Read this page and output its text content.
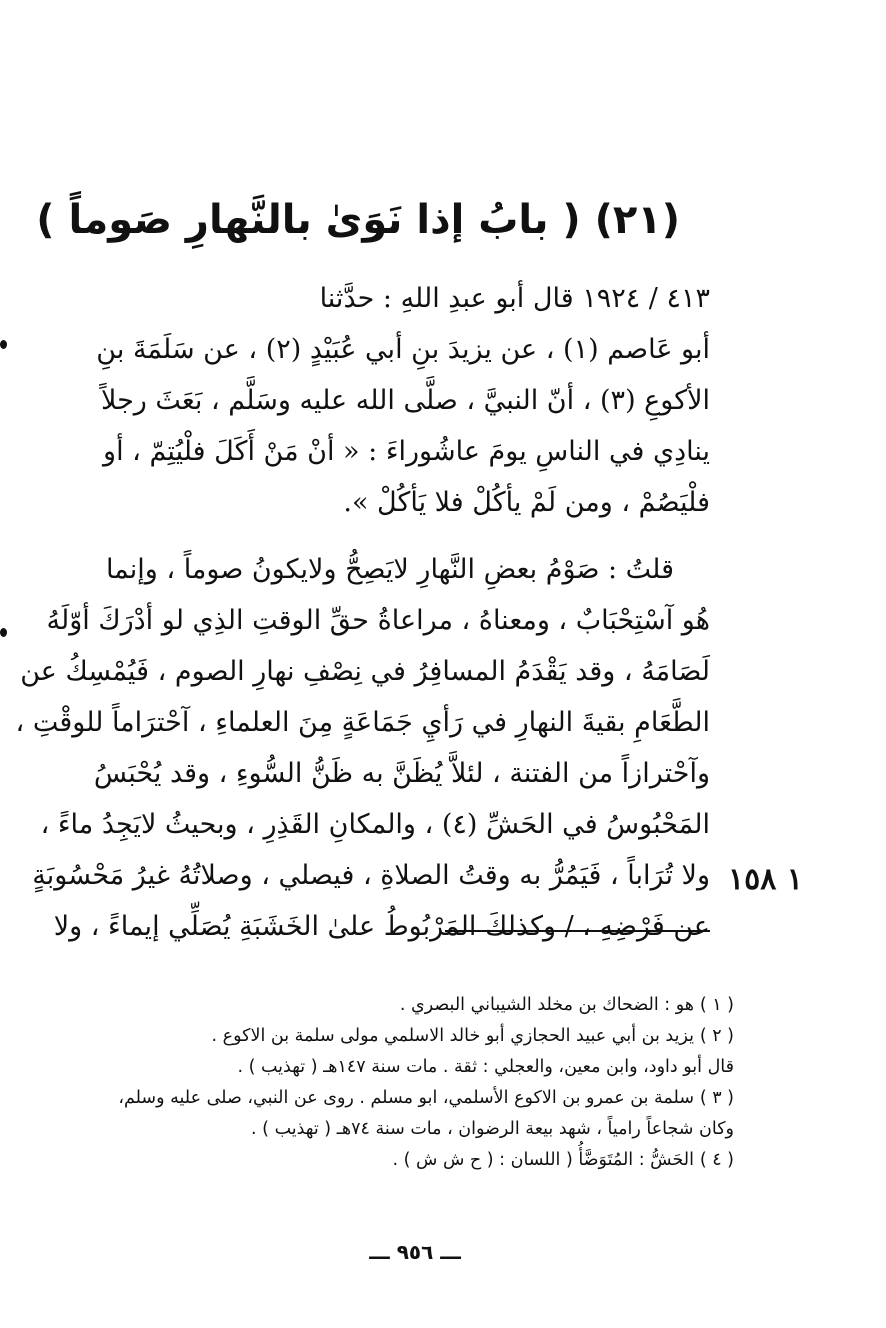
(٢١) ( بابُ إذا نَوَىٰ بالنَّهارِ صَوماً )

٤١٣ / ١٩٢٤ قال أبو عبدِ اللهِ : حدَّثنا

أبو عَاصم (١) ، عن يزيدَ بنِ أبي عُبَيْدٍ (٢) ، عن سَلَمَةَ بنِ

الأكوعِ (٣) ، أنّ النبيَّ ، صلَّى الله عليه وسَلَّم ، بَعَثَ رجلاً

ينادِي في الناسِ يومَ عاشُوراءَ : « أنْ مَنْ أَكَلَ فلْيُتِمّ ، أو

فلْيَصُمْ ، ومن لَمْ يأكُلْ فلا يَأكُلْ ».

قلتُ : صَوْمُ بعضِ النَّهارِ لايَصِحُّ ولايكونُ صوماً ، وإنما

هُو آسْتِحْبَابٌ ، ومعناهُ ، مراعاةُ حقِّ الوقتِ الذِي لو أدْرَكَ أوّلَهُ

لَصَامَهُ ، وقد يَقْدَمُ المسافِرُ في نِصْفِ نهارِ الصوم ، فَيُمْسِكُ عن

الطَّعَامِ بقيةَ النهارِ في رَأيِ جَمَاعَةٍ مِنَ العلماءِ ، آحْترَاماً للوقْتِ ،

وآحْترازاً من الفتنة ، لئلاَّ يُظَنَّ به ظَنُّ السُّوءِ ، وقد يُحْبَسُ

المَحْبُوسُ في الحَشِّ (٤) ، والمكانِ القَذِرِ ، وبحيثُ لايَجِدُ ماءً ،

ولا تُرَاباً ، فَيَمُرُّ به وقتُ الصلاةِ ، فيصلي ، وصلاتُهُ غيرُ مَحْسُوبَةٍ

عن فَرْضِهِ ، / وكذلكَ المَرْبُوطُ علىٰ الخَشَبَةِ يُصَلِّي إيماءً ، ولا

١ ١٥٨
( ١ )هو : الضحاك بن مخلد الشيباني البصري .
( ٢ )يزيد بن أبي عبيد الحجازي أبو خالد الاسلمي مولى سلمة بن الاكوع .
قال أبو داود، وابن معين، والعجلي : ثقة . مات سنة ١٤٧هـ ( تهذيب ) .
( ٣ )سلمة بن عمرو بن الاكوع الأسلمي، ابو مسلم . روى عن النبي، صلى عليه وسلم،
وكان شجاعاً رامياً ، شهد بيعة الرضوان ، مات سنة ٧٤هـ ( تهذيب ) .
( ٤ )الحَشُّ : المُتَوَضَّأُ ( اللسان : ( ح ش ش ) .
ـــ ٩٥٦ ـــ
